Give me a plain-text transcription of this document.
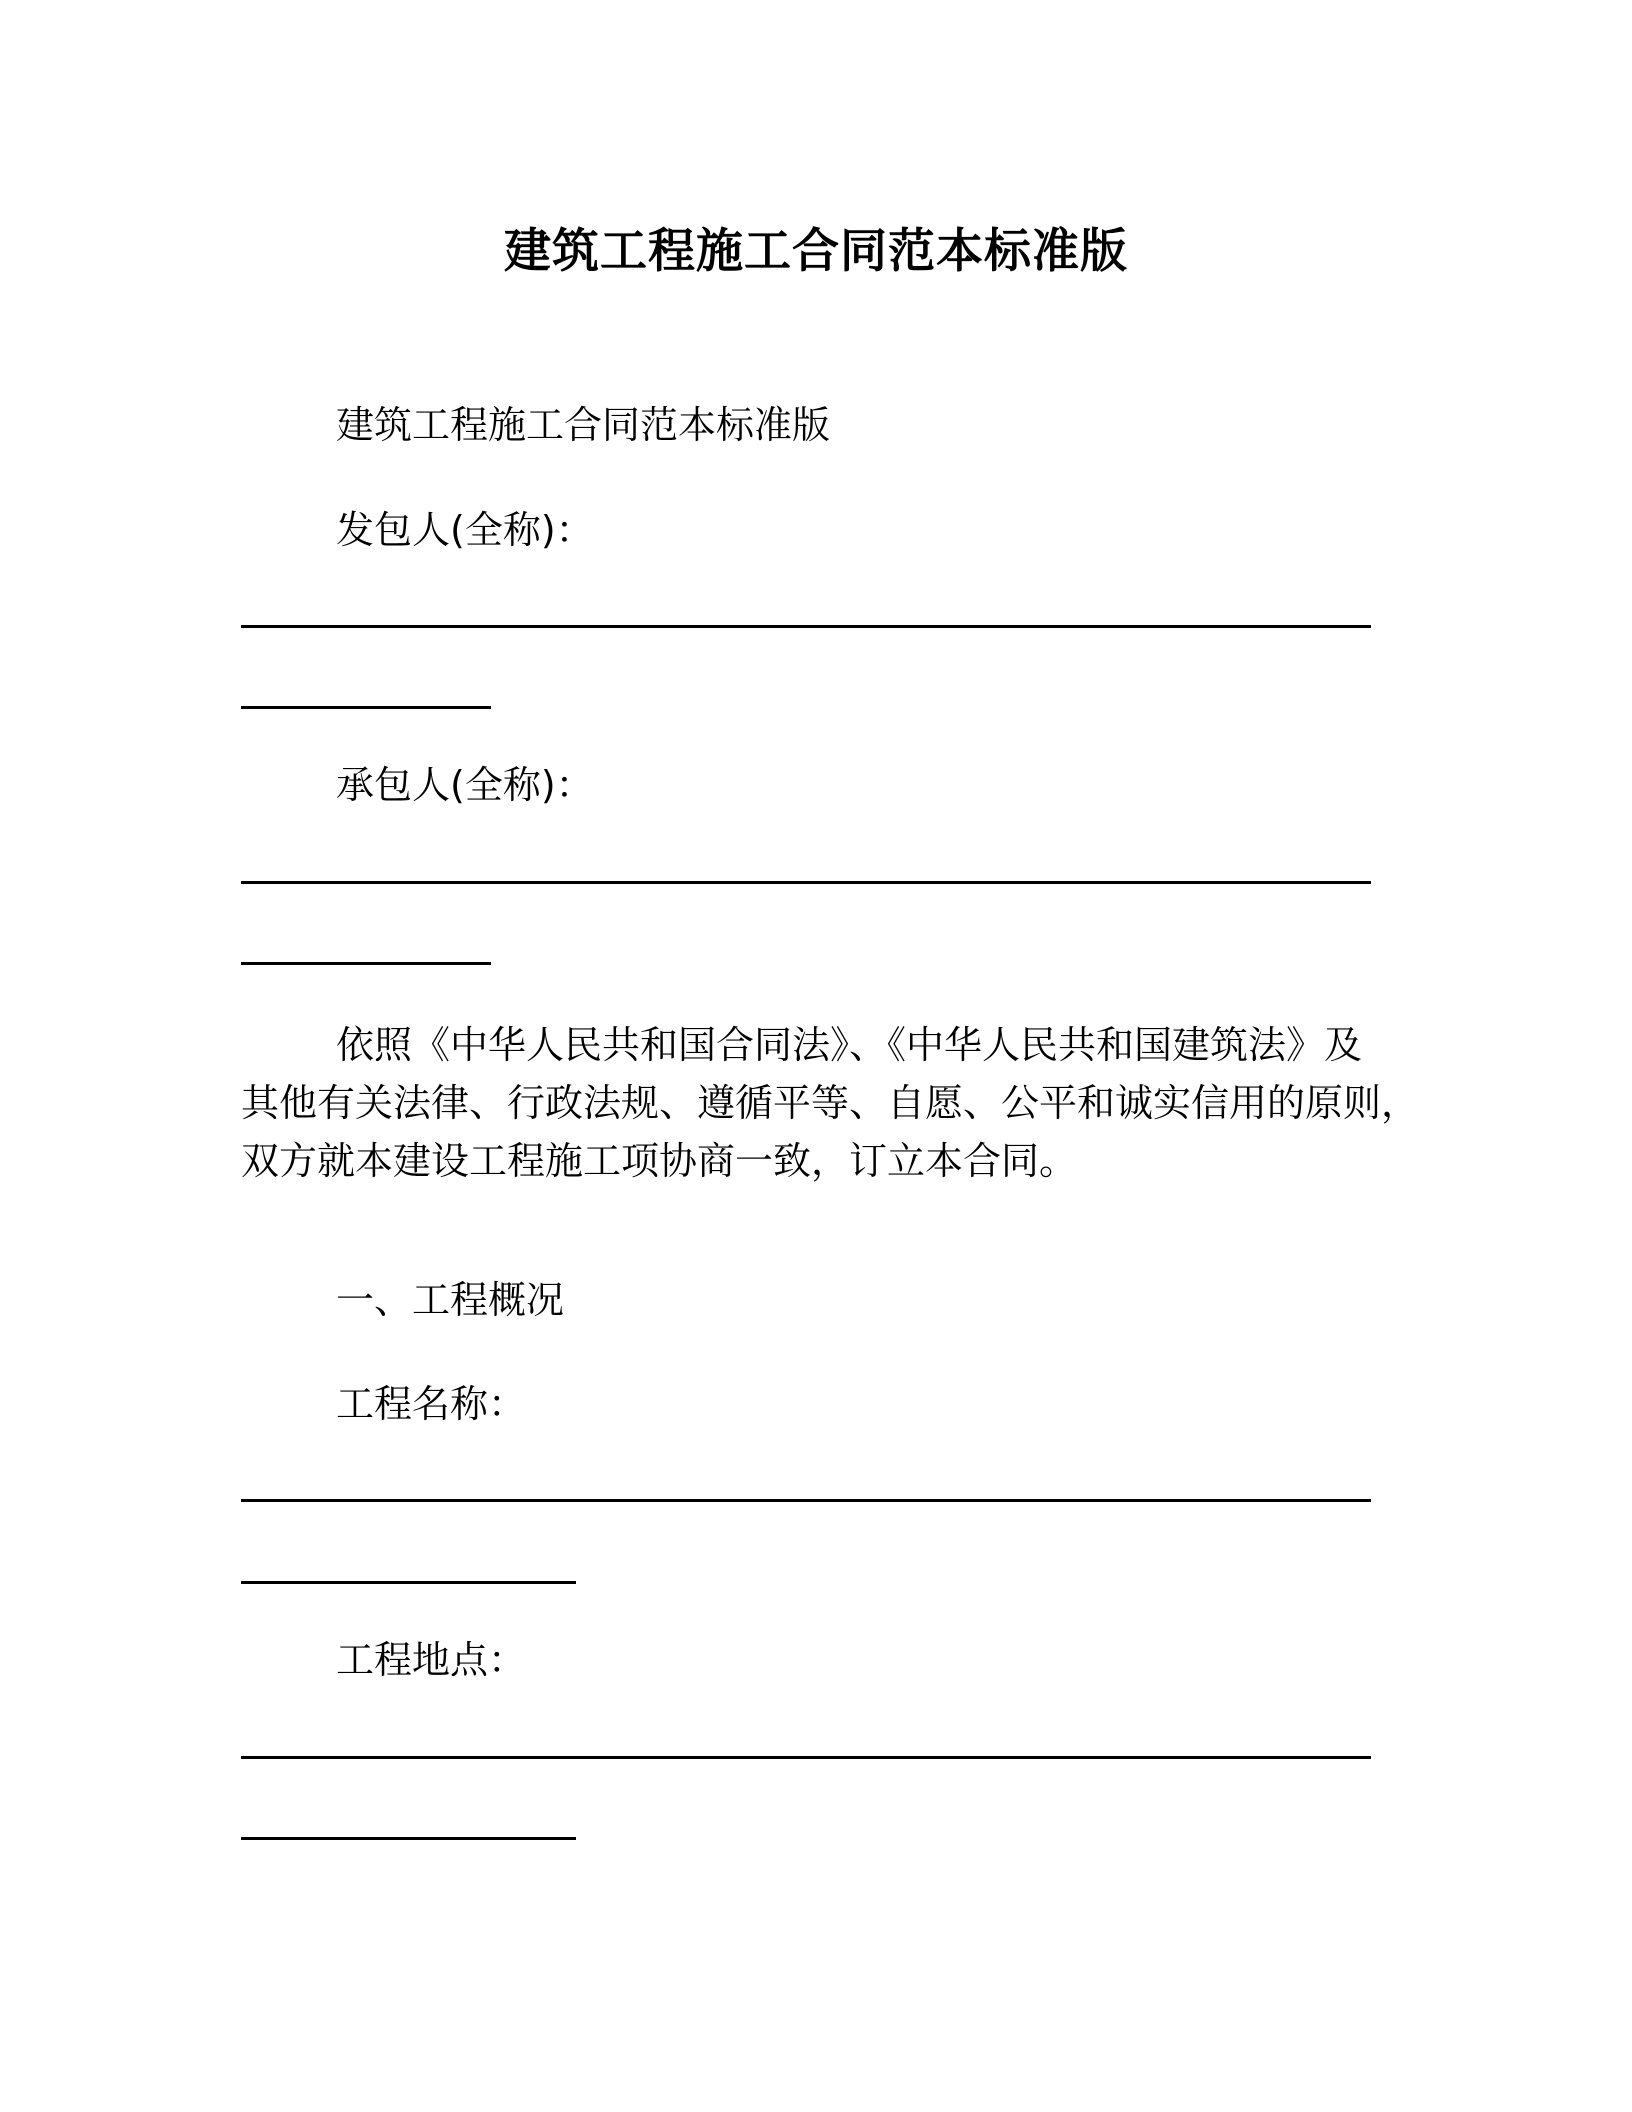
建筑工程施工合同范本标准版
建筑工程施工合同范本标准版
发包人(全称)：
承包人(全称)：
依照《中华人民共和国合同法》、《中华人民共和国建筑法》及
其他有关法律、行政法规、遵循平等、自愿、公平和诚实信用的原则，
双方就本建设工程施工项协商一致，订立本合同。
一、工程概况
工程名称：
工程地点：
